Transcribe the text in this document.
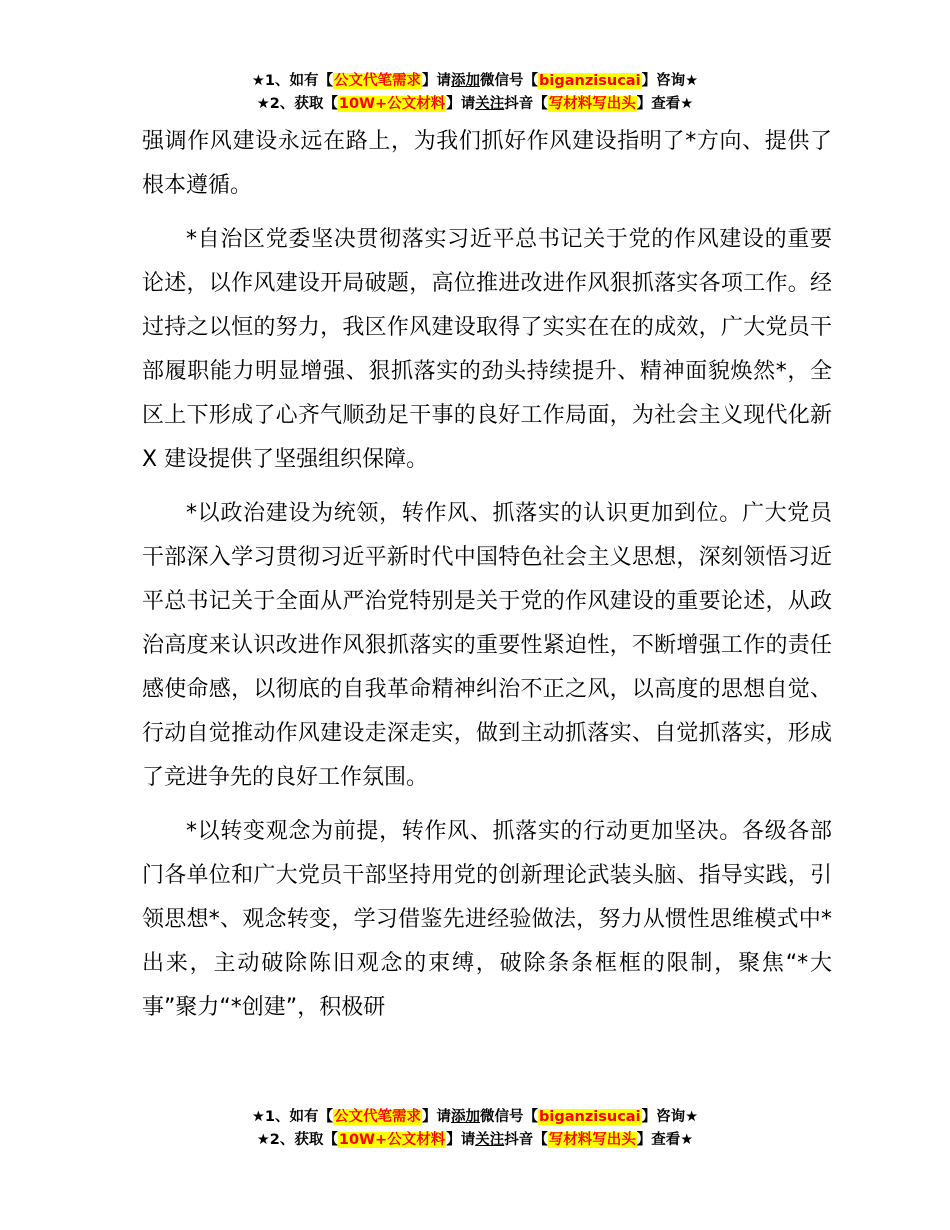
★1、如有【公文代笔需求】请添加微信号【biganzisucai】咨询★
★2、获取【10W+公文材料】请关注抖音【写材料写出头】查看★

强调作风建设永远在路上，为我们抓好作风建设指明了*方向、提供了根本遵循。

*自治区党委坚决贯彻落实习近平总书记关于党的作风建设的重要论述，以作风建设开局破题，高位推进改进作风狠抓落实各项工作。经过持之以恒的努力，我区作风建设取得了实实在在的成效，广大党员干部履职能力明显增强、狠抓落实的劲头持续提升、精神面貌焕然*，全区上下形成了心齐气顺劲足干事的良好工作局面，为社会主义现代化新 X 建设提供了坚强组织保障。

*以政治建设为统领，转作风、抓落实的认识更加到位。广大党员干部深入学习贯彻习近平新时代中国特色社会主义思想，深刻领悟习近平总书记关于全面从严治党特别是关于党的作风建设的重要论述，从政治高度来认识改进作风狠抓落实的重要性紧迫性，不断增强工作的责任感使命感，以彻底的自我革命精神纠治不正之风，以高度的思想自觉、行动自觉推动作风建设走深走实，做到主动抓落实、自觉抓落实，形成了竞进争先的良好工作氛围。

*以转变观念为前提，转作风、抓落实的行动更加坚决。各级各部门各单位和广大党员干部坚持用党的创新理论武装头脑、指导实践，引领思想*、观念转变，学习借鉴先进经验做法，努力从惯性思维模式中*出来，主动破除陈旧观念的束缚，破除条条框框的限制，聚焦“*大事”聚力“*创建”，积极研

★1、如有【公文代笔需求】请添加微信号【biganzisucai】咨询★
★2、获取【10W+公文材料】请关注抖音【写材料写出头】查看★
